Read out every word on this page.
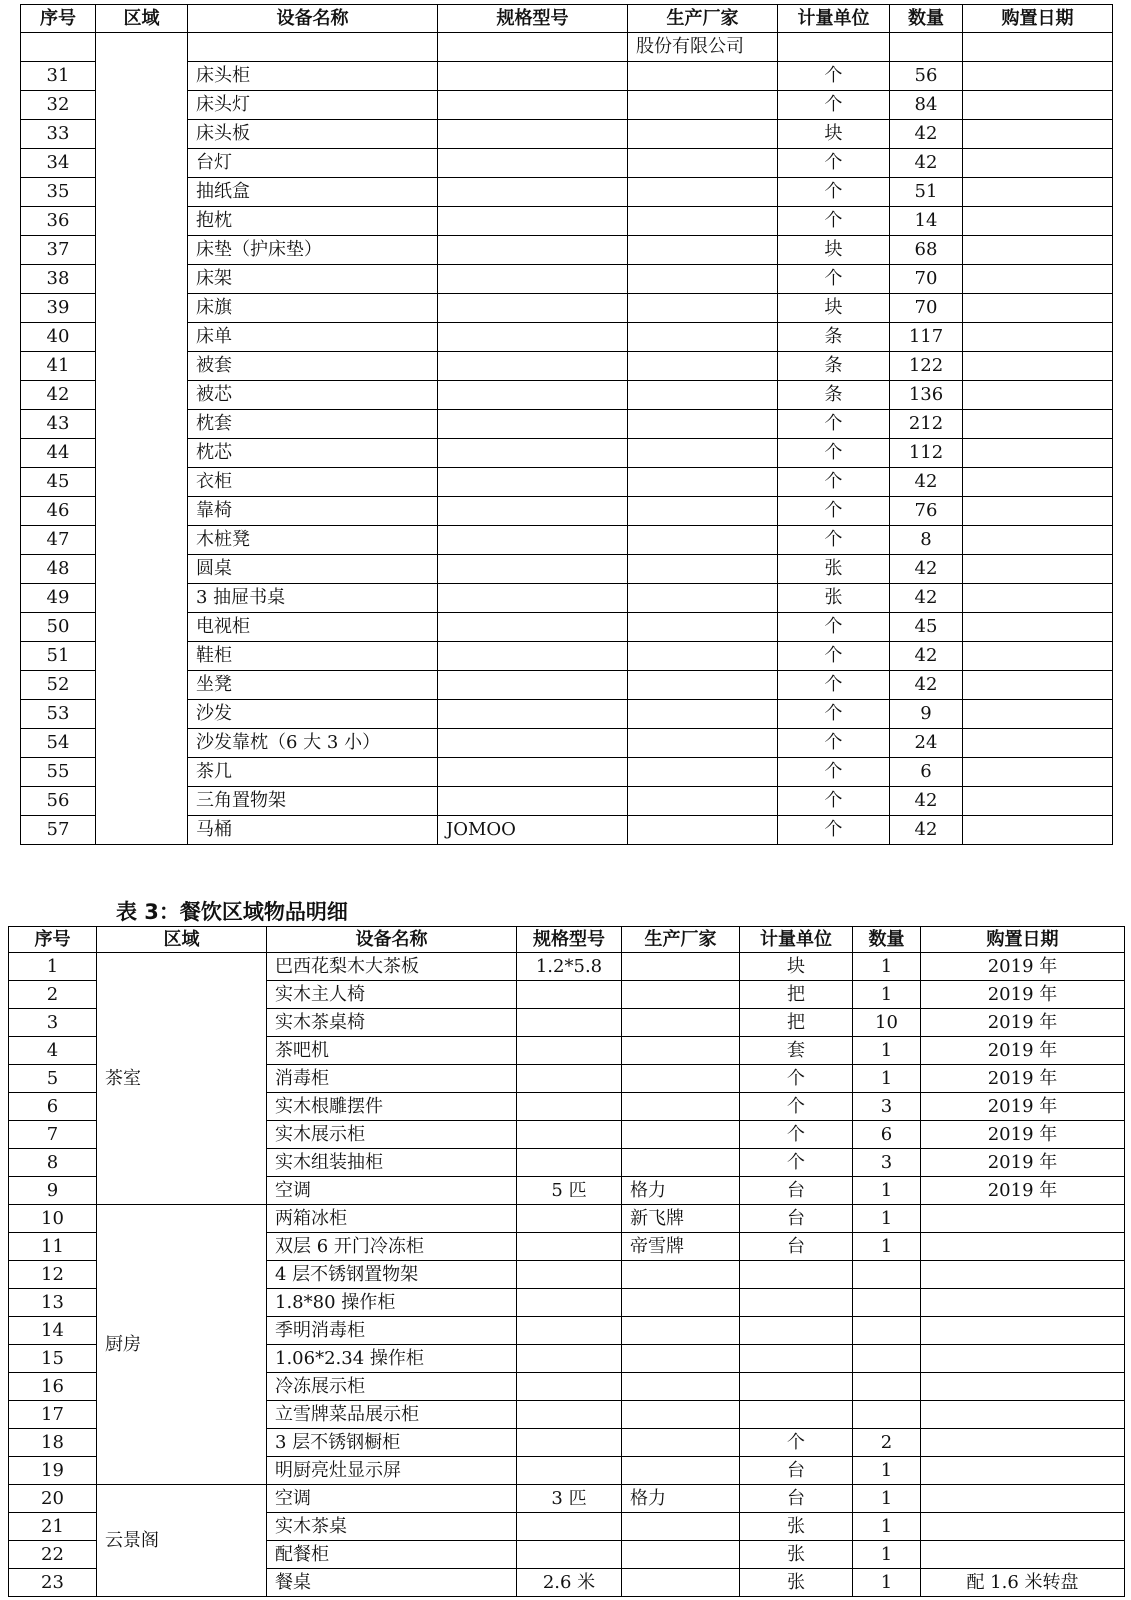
序号	区域	设备名称	规格型号	生产厂家	计量单位	数量	购置日期
				股份有限公司			
31		床头柜			个	56	
32		床头灯			个	84	
33		床头板			块	42	
34		台灯			个	42	
35		抽纸盒			个	51	
36		抱枕			个	14	
37		床垫（护床垫）			块	68	
38		床架			个	70	
39		床旗			块	70	
40		床单			条	117	
41		被套			条	122	
42		被芯			条	136	
43		枕套			个	212	
44		枕芯			个	112	
45		衣柜			个	42	
46		靠椅			个	76	
47		木桩凳			个	8	
48		圆桌			张	42	
49		3 抽屉书桌			张	42	
50		电视柜			个	45	
51		鞋柜			个	42	
52		坐凳			个	42	
53		沙发			个	9	
54		沙发靠枕（6 大 3 小）			个	24	
55		茶几			个	6	
56		三角置物架			个	42	
57		马桶	JOMOO		个	42	
表 3：餐饮区域物品明细
序号	区域	设备名称	规格型号	生产厂家	计量单位	数量	购置日期
1	茶室	巴西花梨木大茶板	1.2*5.8		块	1	2019 年
2		实木主人椅			把	1	2019 年
3		实木茶桌椅			把	10	2019 年
4		茶吧机			套	1	2019 年
5		消毒柜			个	1	2019 年
6		实木根雕摆件			个	3	2019 年
7		实木展示柜			个	6	2019 年
8		实木组装抽柜			个	3	2019 年
9		空调	5 匹	格力	台	1	2019 年
10	厨房	两箱冰柜		新飞牌	台	1	
11		双层 6 开门冷冻柜		帝雪牌	台	1	
12		4 层不锈钢置物架					
13		1.8*80 操作柜					
14		季明消毒柜					
15		1.06*2.34 操作柜					
16		冷冻展示柜					
17		立雪牌菜品展示柜					
18		3 层不锈钢橱柜			个	2	
19		明厨亮灶显示屏			台	1	
20	云景阁	空调	3 匹	格力	台	1	
21		实木茶桌			张	1	
22		配餐柜			张	1	
23		餐桌	2.6 米		张	1	配 1.6 米转盘
